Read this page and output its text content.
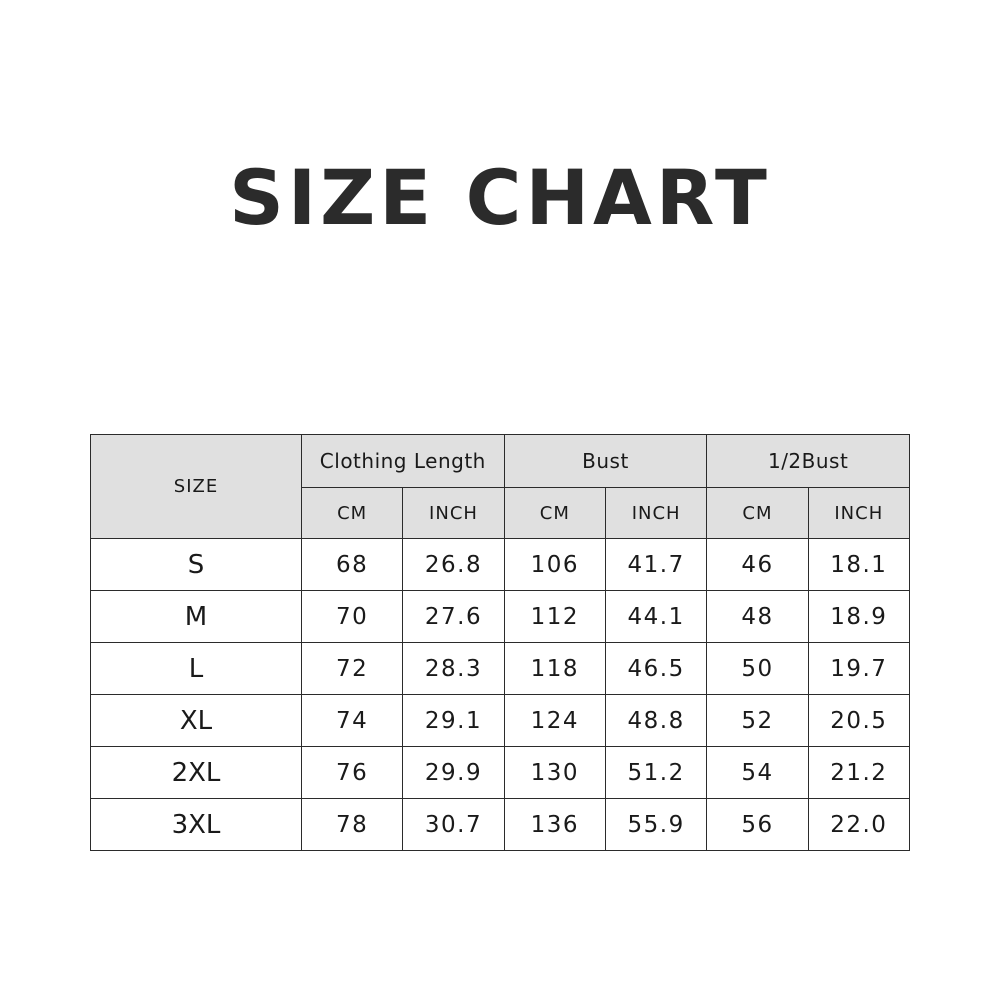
SIZE CHART
SIZE	Clothing Length		Bust		1/2Bust	
	CM	INCH	CM	INCH	CM	INCH
S	68	26.8	106	41.7	46	18.1
M	70	27.6	112	44.1	48	18.9
L	72	28.3	118	46.5	50	19.7
XL	74	29.1	124	48.8	52	20.5
2XL	76	29.9	130	51.2	54	21.2
3XL	78	30.7	136	55.9	56	22.0
